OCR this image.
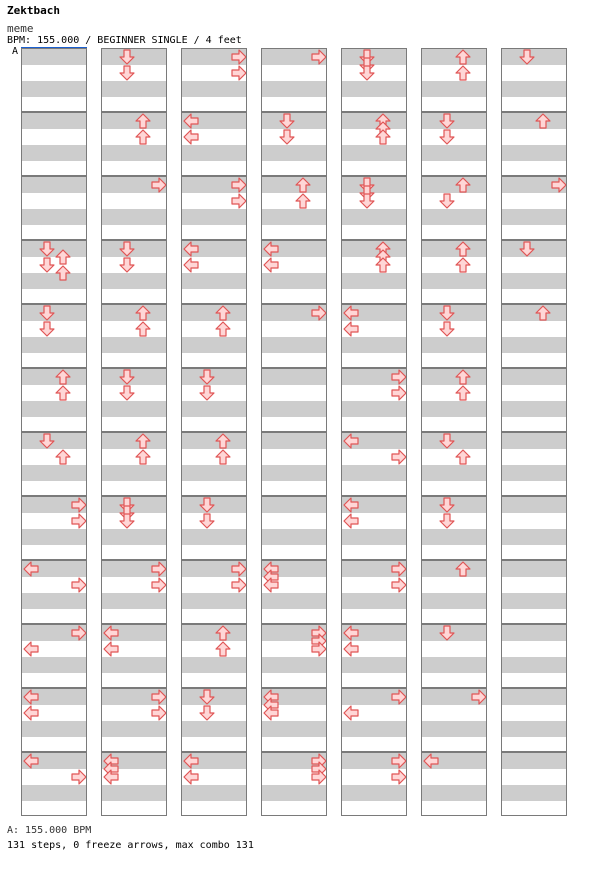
Zektbach
meme
BPM: 155.000 / BEGINNER SINGLE / 4 feet
A
A: 155.000 BPM
131 steps, 0 freeze arrows, max combo 131
